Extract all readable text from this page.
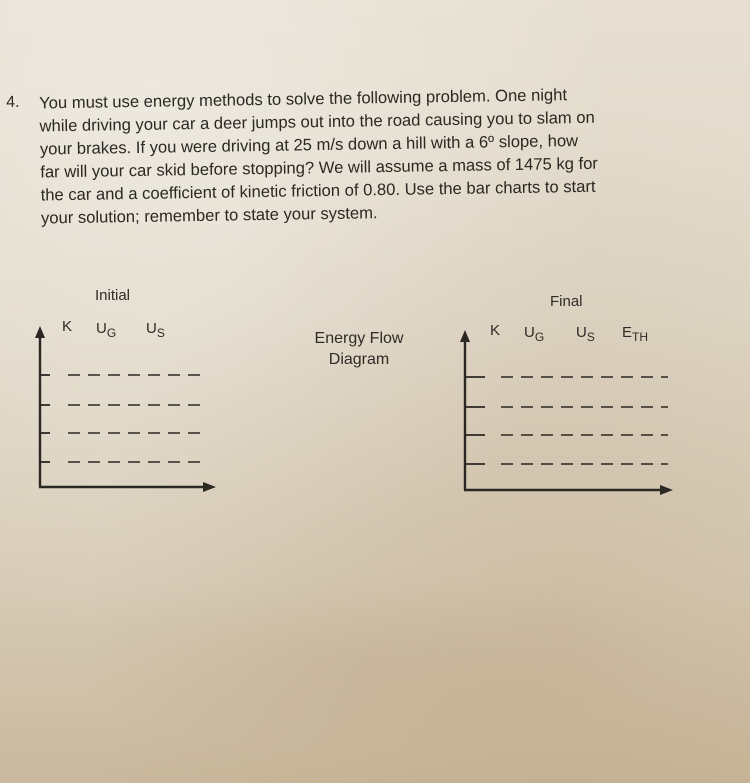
4. You must use energy methods to solve the following problem. One night
while driving your car a deer jumps out into the road causing you to slam on
your brakes. If you were driving at 25 m/s down a hill with a 6º slope, how
far will your car skid before stopping? We will assume a mass of 1475 kg for
the car and a coefficient of kinetic friction of 0.80. Use the bar charts to start
your solution; remember to state your system.
Initial
K $U_G$ $U_S$	Energy Flow
Diagram
Final
K $U_G$ $U_S$ $E_{TH}$
